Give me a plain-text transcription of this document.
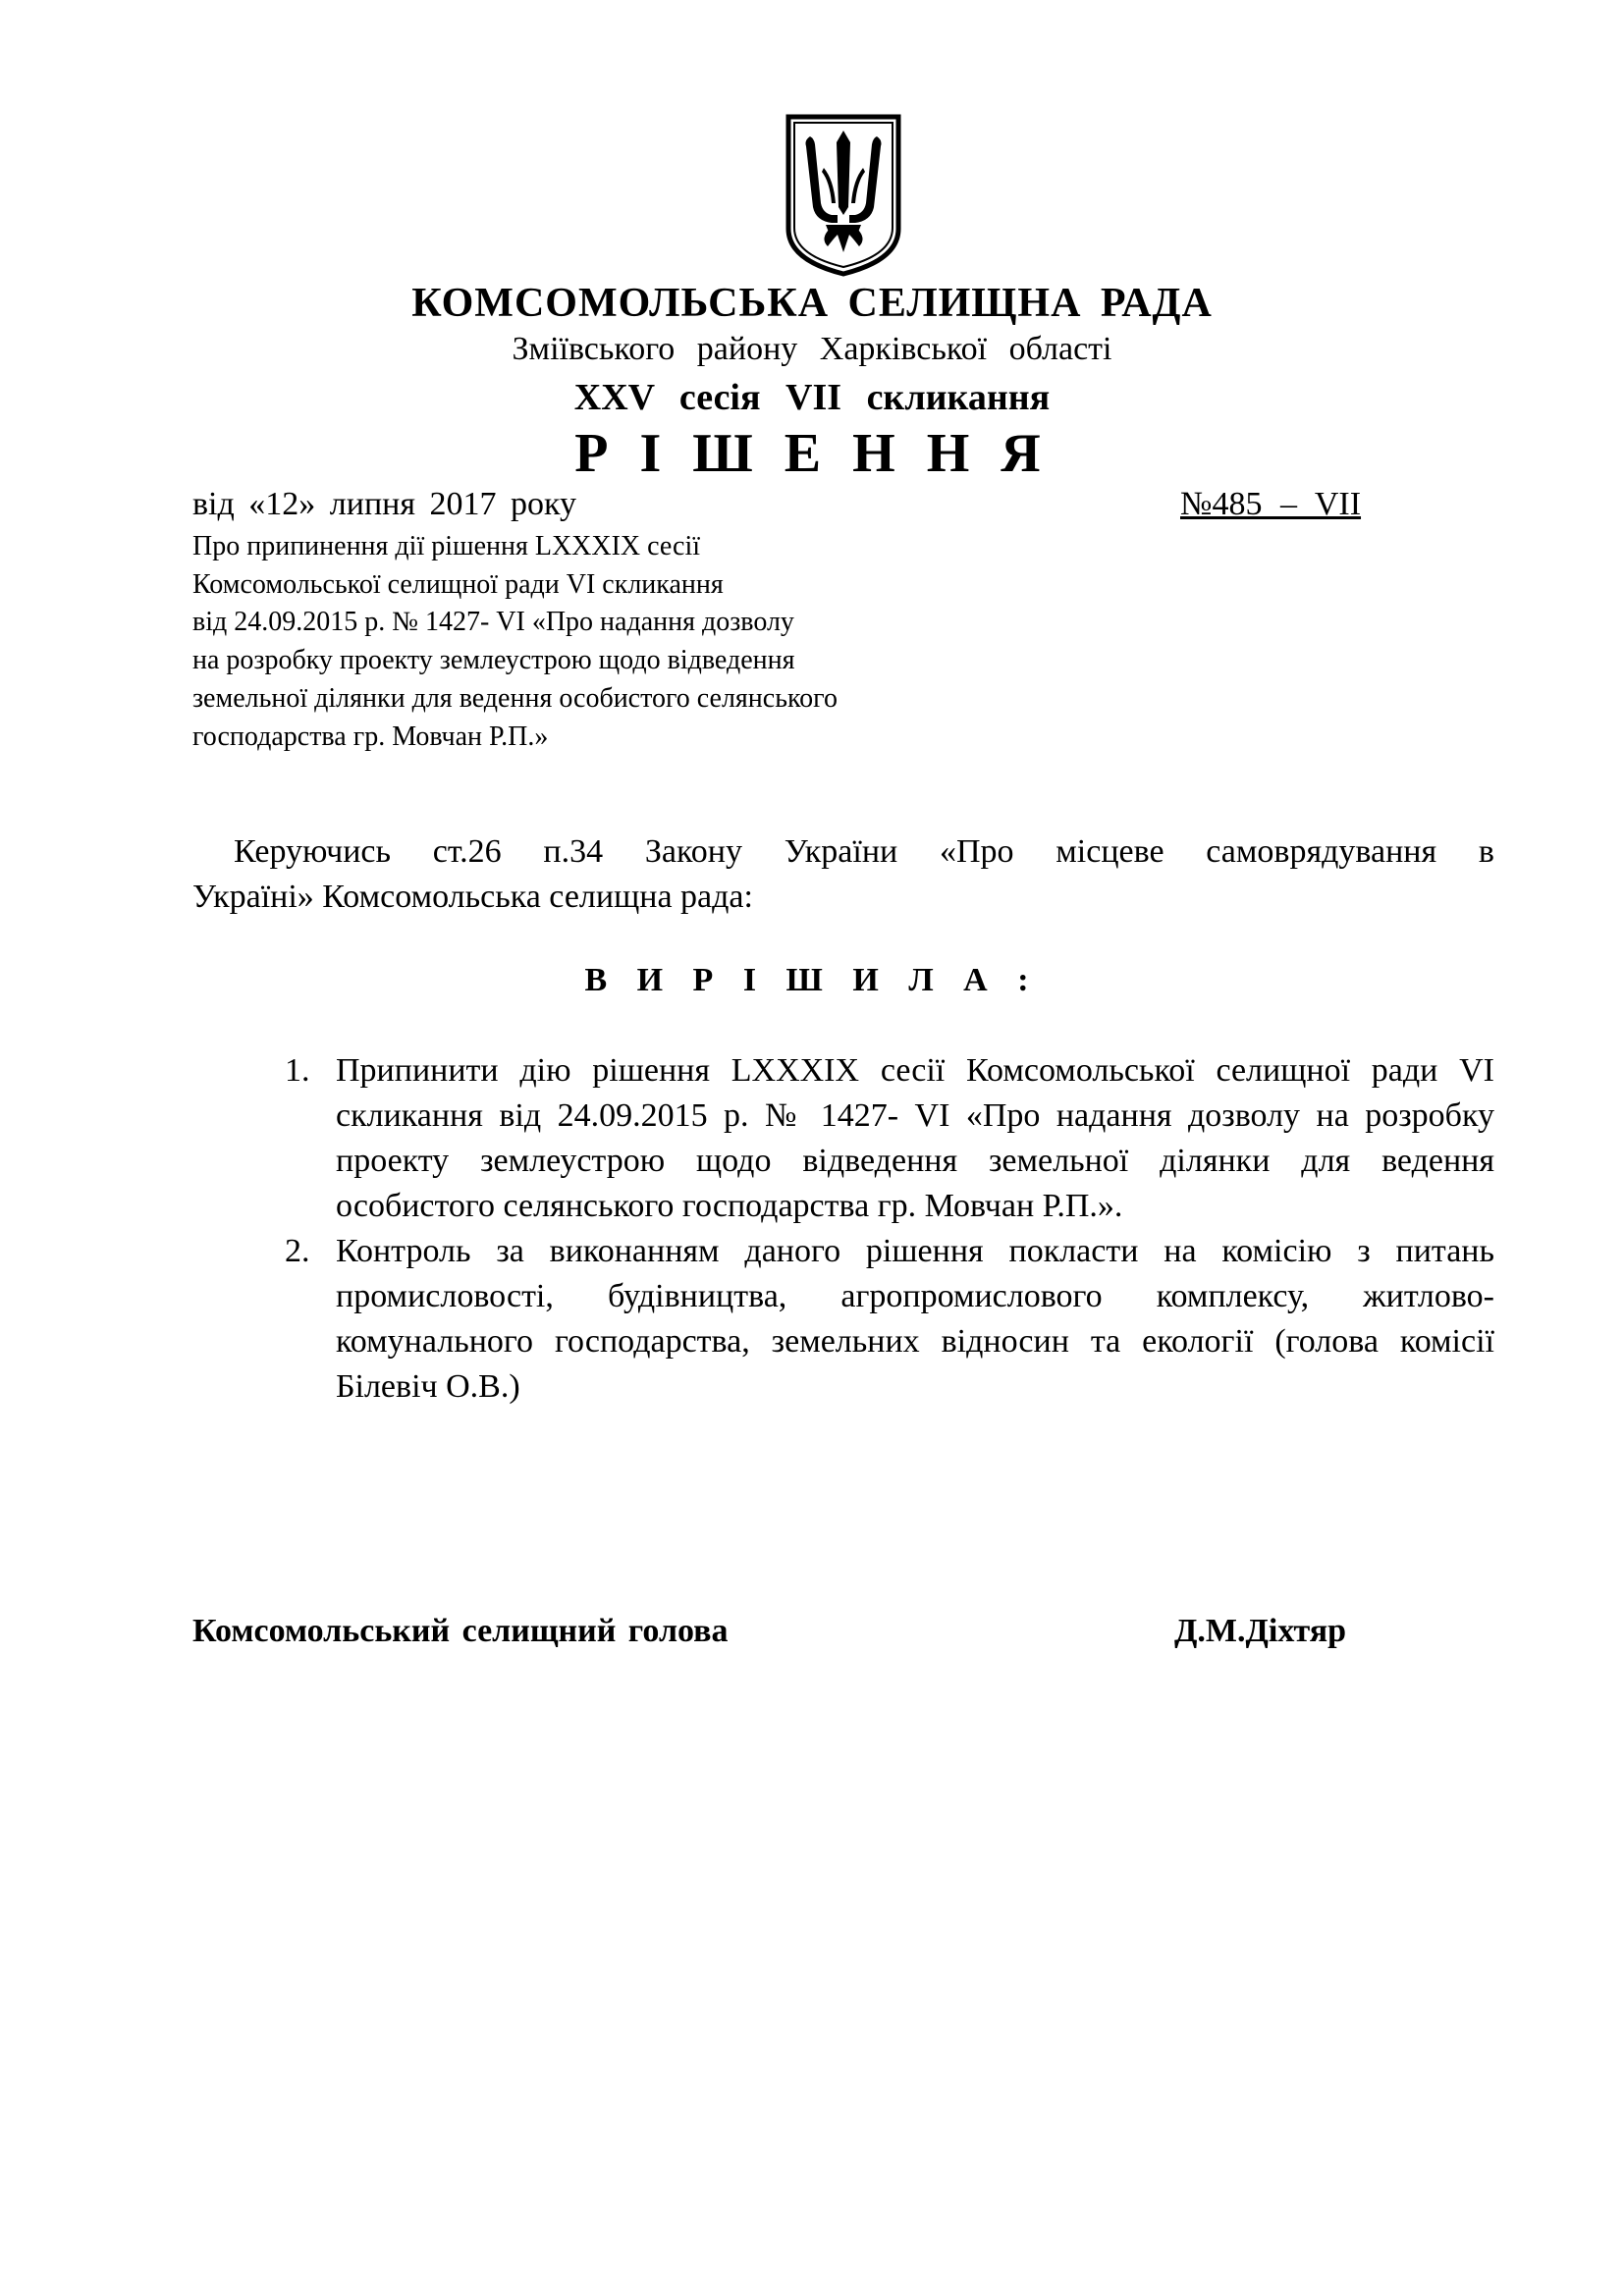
КОМСОМОЛЬСЬКА СЕЛИЩНА РАДА
Зміївського району Харківської області
XXV сесія VII скликання
Р І Ш Е Н Н Я
від «12» липня 2017 року	№485 – VII
Про припинення дії рішення LXXXIX сесії
Комсомольської селищної ради VI скликання
від 24.09.2015 р. № 1427- VI «Про надання дозволу
на розробку проекту землеустрою щодо відведення
земельної ділянки для ведення особистого селянського
господарства гр. Мовчан Р.П.»
Керуючись ст.26 п.34 Закону України «Про місцеве самоврядування в
Україні» Комсомольська селищна рада:
В И Р І Ш И Л А :
1. Припинити дію рішення LXXXIX сесії Комсомольської селищної ради VI скликання від 24.09.2015 р. № 1427- VI «Про надання дозволу на розробку проекту землеустрою щодо відведення земельної ділянки для ведення особистого селянського господарства гр. Мовчан Р.П.».
2. Контроль за виконанням даного рішення покласти на комісію з питань промисловості, будівництва, агропромислового комплексу, житлово-комунального господарства, земельних відносин та екології (голова комісії Білевіч О.В.)
Комсомольський селищний голова	Д.М.Діхтяр
